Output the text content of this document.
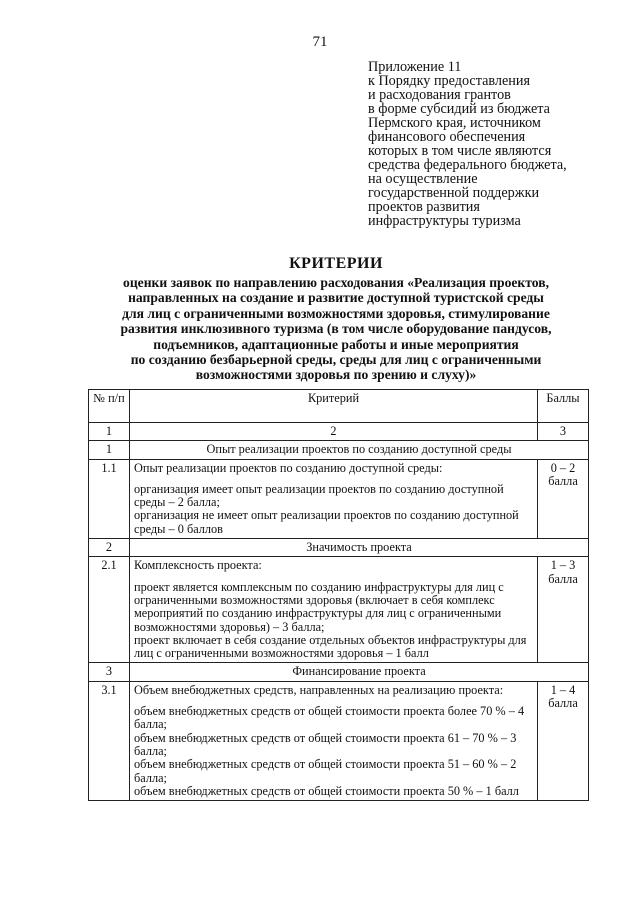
71
Приложение 11
к Порядку предоставления
и расходования грантов
в форме субсидий из бюджета
Пермского края, источником
финансового обеспечения
которых в том числе являются
средства федерального бюджета,
на осуществление
государственной поддержки
проектов развития
инфраструктуры туризма
КРИТЕРИИ
оценки заявок по направлению расходования «Реализация проектов,
направленных на создание и развитие доступной туристской среды
для лиц с ограниченными возможностями здоровья, стимулирование
развития инклюзивного туризма (в том числе оборудование пандусов,
подъемников, адаптационные работы и иные мероприятия
по созданию безбарьерной среды, среды для лиц с ограниченными
возможностями здоровья по зрению и слуху)»
№ п/п	Критерий	Баллы
1	2	3
1	Опыт реализации проектов по созданию доступной среды	
1.1	Опыт реализации проектов по созданию доступной среды:
организация имеет опыт реализации проектов по созданию доступной среды – 2 балла;
организация не имеет опыт реализации проектов по созданию доступной среды – 0 баллов	0 – 2 балла
2	Значимость проекта	
2.1	Комплексность проекта:
проект является комплексным по созданию инфраструктуры для лиц с ограниченными возможностями здоровья (включает в себя комплекс мероприятий по созданию инфраструктуры для лиц с ограниченными возможностями здоровья) – 3 балла;
проект включает в себя создание отдельных объектов инфраструктуры для лиц с ограниченными возможностями здоровья – 1 балл	1 – 3 балла
3	Финансирование проекта	
3.1	Объем внебюджетных средств, направленных на реализацию проекта:
объем внебюджетных средств от общей стоимости проекта более 70 % – 4 балла;
объем внебюджетных средств от общей стоимости проекта 61 – 70 % – 3 балла;
объем внебюджетных средств от общей стоимости проекта 51 – 60 % – 2 балла;
объем внебюджетных средств от общей стоимости проекта 50 % – 1 балл	1 – 4 балла
